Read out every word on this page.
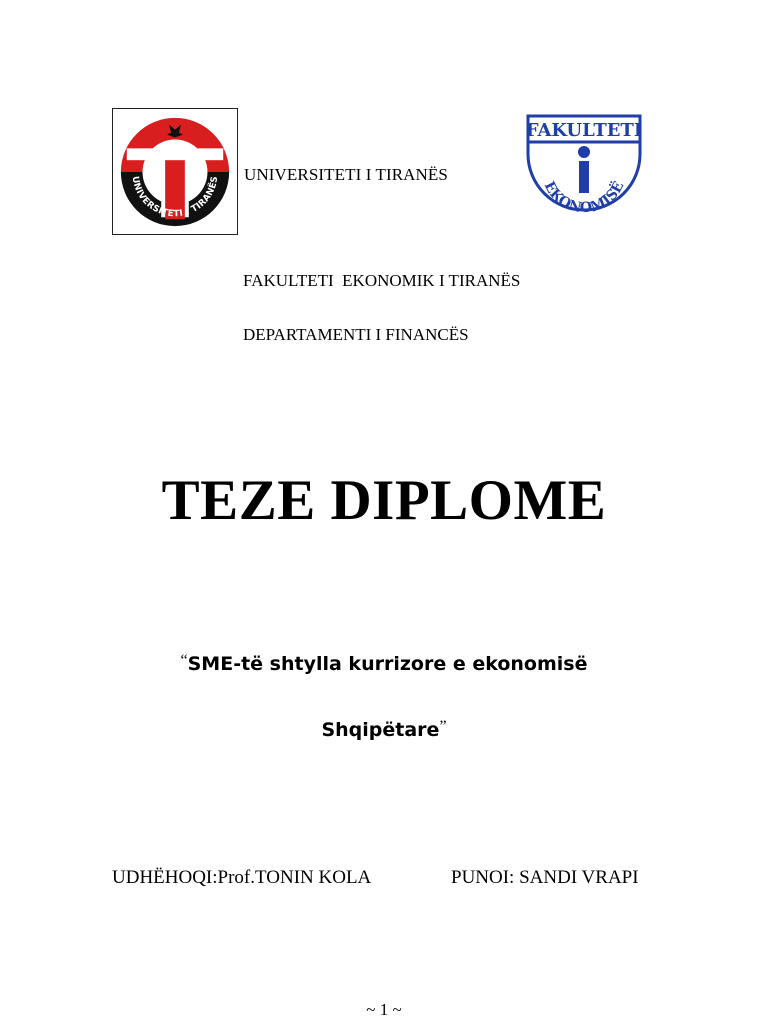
UNIVERSITETI I TIRANËS UNIVERSITETI I TIRANËS
FAKULTETI
EKONOMISË
FAKULTETI  EKONOMIK I TIRANËS
DEPARTAMENTI I FINANCËS
TEZE DIPLOME
“SME-të shtylla kurrizore e ekonomisë
Shqipëtare”
UDHËHOQI:Prof.TONIN KOLA	PUNOI: SANDI VRAPI
~ 1 ~
